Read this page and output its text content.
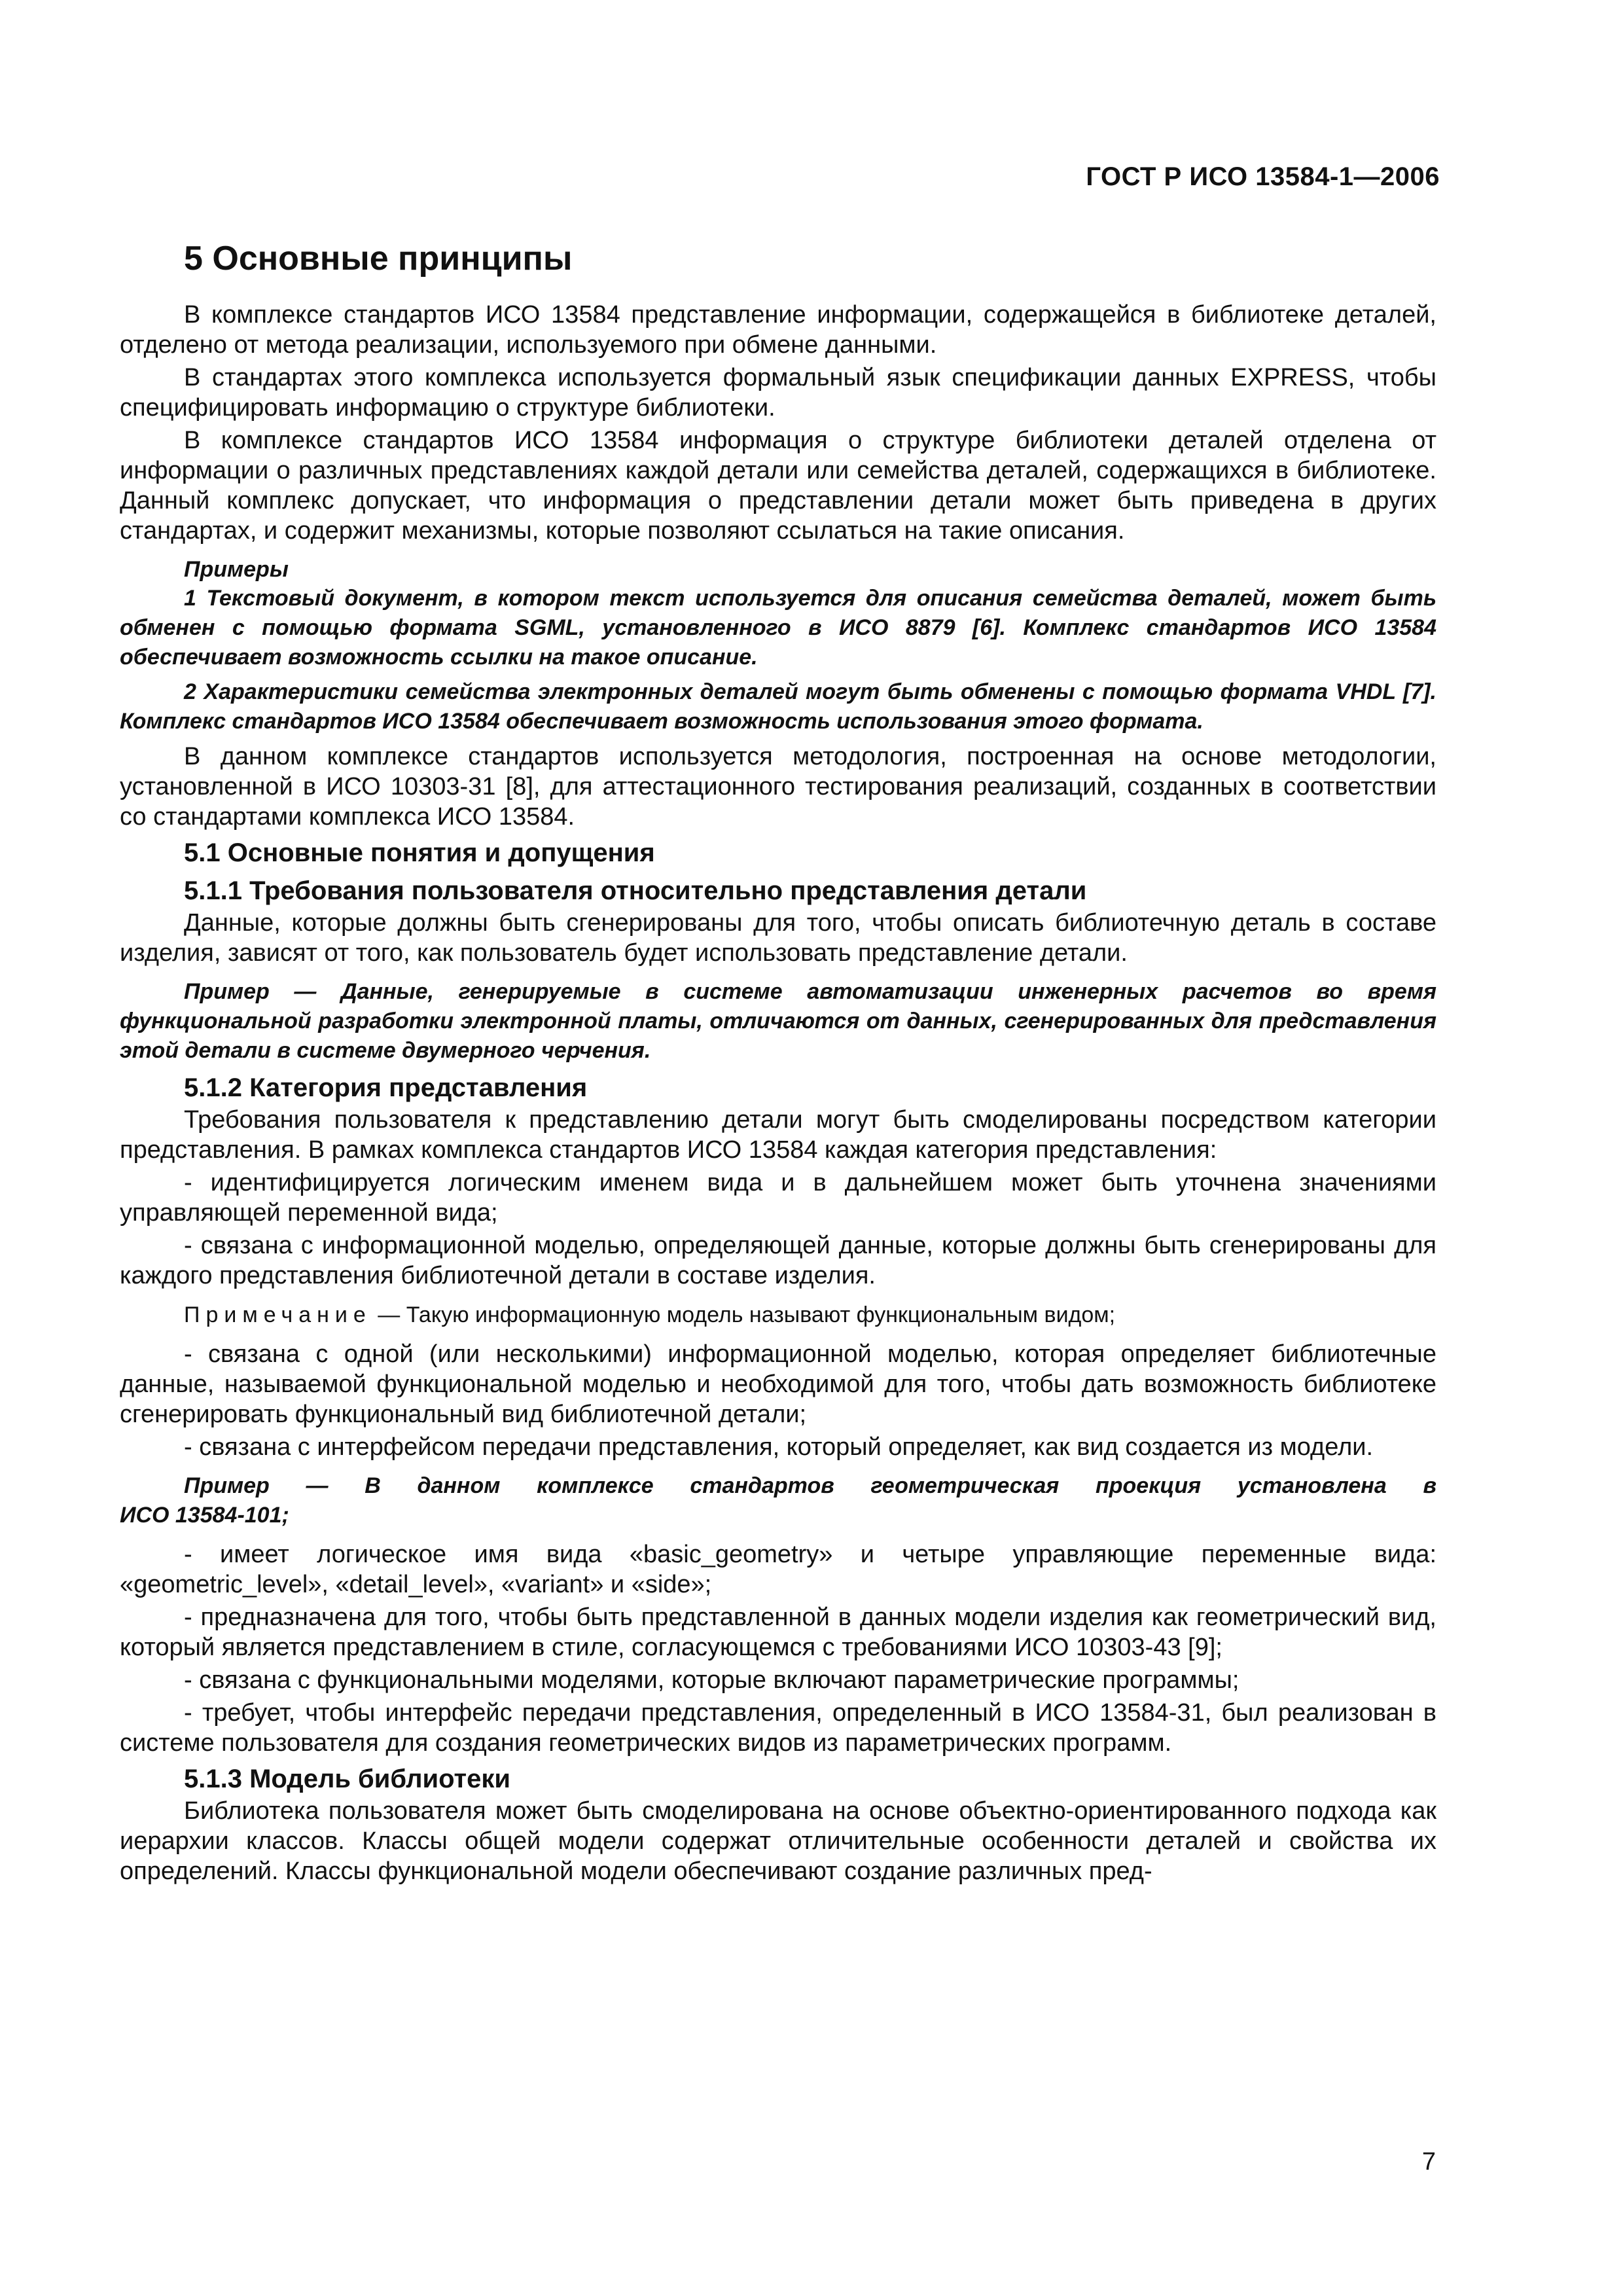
ГОСТ Р ИСО 13584-1—2006
5 Основные принципы
В комплексе стандартов ИСО 13584 представление информации, содержащейся в библиотеке деталей, отделено от метода реализации, используемого при обмене данными.
В стандартах этого комплекса используется формальный язык спецификации данных EXPRESS, чтобы специфицировать информацию о структуре библиотеки.
В комплексе стандартов ИСО 13584 информация о структуре библиотеки деталей отделена от информации о различных представлениях каждой детали или семейства деталей, содержащихся в библиотеке. Данный комплекс допускает, что информация о представлении детали может быть приведена в других стандартах, и содержит механизмы, которые позволяют ссылаться на такие описания.
Примеры
1 Текстовый документ, в котором текст используется для описания семейства деталей, может быть обменен с помощью формата SGML, установленного в ИСО 8879 [6]. Комплекс стандартов ИСО 13584 обеспечивает возможность ссылки на такое описание.
2 Характеристики семейства электронных деталей могут быть обменены с помощью формата VHDL [7]. Комплекс стандартов ИСО 13584 обеспечивает возможность использования этого формата.
В данном комплексе стандартов используется методология, построенная на основе методологии, установленной в ИСО 10303-31 [8], для аттестационного тестирования реализаций, созданных в соответствии со стандартами комплекса ИСО 13584.
5.1 Основные понятия и допущения
5.1.1 Требования пользователя относительно представления детали
Данные, которые должны быть сгенерированы для того, чтобы описать библиотечную деталь в составе изделия, зависят от того, как пользователь будет использовать представление детали.
Пример — Данные, генерируемые в системе автоматизации инженерных расчетов во время функциональной разработки электронной платы, отличаются от данных, сгенерированных для представления этой детали в системе двумерного черчения.
5.1.2 Категория представления
Требования пользователя к представлению детали могут быть смоделированы посредством категории представления. В рамках комплекса стандартов ИСО 13584 каждая категория представления:
- идентифицируется логическим именем вида и в дальнейшем может быть уточнена значениями управляющей переменной вида;
- связана с информационной моделью, определяющей данные, которые должны быть сгенерированы для каждого представления библиотечной детали в составе изделия.
Примечание — Такую информационную модель называют функциональным видом;
- связана с одной (или несколькими) информационной моделью, которая определяет библиотечные данные, называемой функциональной моделью и необходимой для того, чтобы дать возможность библиотеке сгенерировать функциональный вид библиотечной детали;
- связана с интерфейсом передачи представления, который определяет, как вид создается из модели.
Пример — В данном комплексе стандартов геометрическая проекция установлена в
ИСО 13584-101;
- имеет логическое имя вида «basic_geometry» и четыре управляющие переменные вида: «geometric_level», «detail_level», «variant» и «side»;
- предназначена для того, чтобы быть представленной в данных модели изделия как геометрический вид, который является представлением в стиле, согласующемся с требованиями ИСО 10303-43 [9];
- связана с функциональными моделями, которые включают параметрические программы;
- требует, чтобы интерфейс передачи представления, определенный в ИСО 13584-31, был реализован в системе пользователя для создания геометрических видов из параметрических программ.
5.1.3 Модель библиотеки
Библиотека пользователя может быть смоделирована на основе объектно-ориентированного подхода как иерархии классов. Классы общей модели содержат отличительные особенности деталей и свойства их определений. Классы функциональной модели обеспечивают создание различных пред-
7
